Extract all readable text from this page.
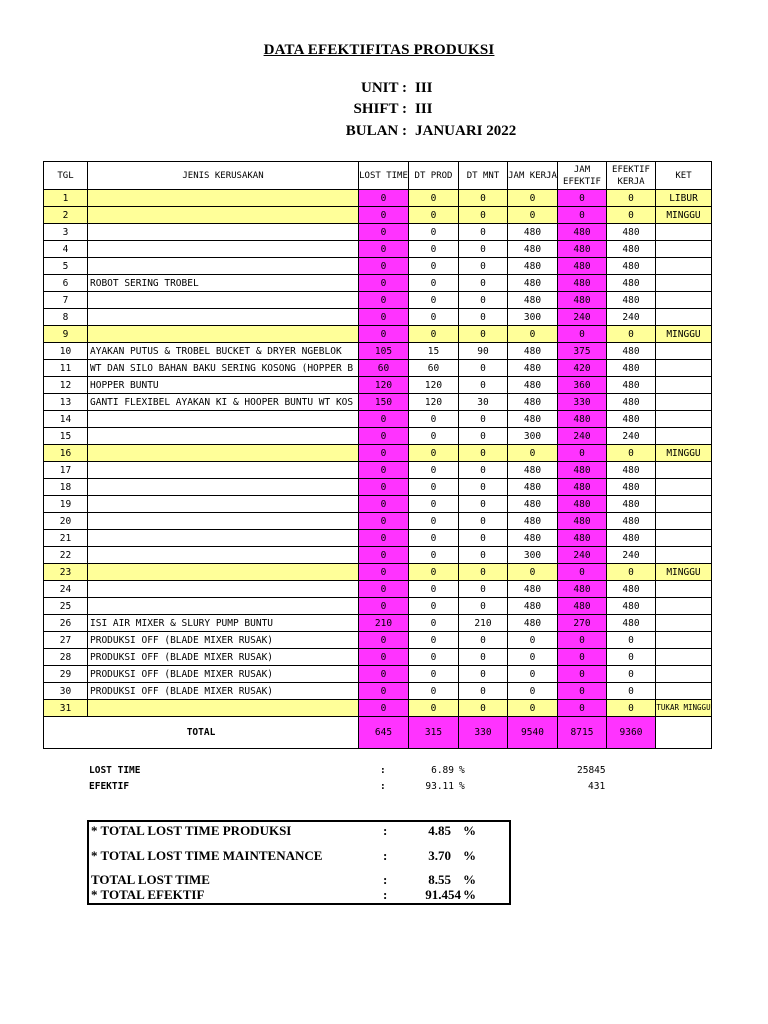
DATA EFEKTIFITAS PRODUKSI
UNIT : III
SHIFT : III
BULAN : JANUARI 2022
TGL	JENIS KERUSAKAN	LOST TIME	DT PROD	DT MNT	JAM KERJA	JAM EFEKTIF	EFEKTIF KERJA	KET
1		0	0	0	0	0	0	LIBUR
2		0	0	0	0	0	0	MINGGU
3		0	0	0	480	480	480	
4		0	0	0	480	480	480	
5		0	0	0	480	480	480	
6	ROBOT SERING TROBEL	0	0	0	480	480	480	
7		0	0	0	480	480	480	
8		0	0	0	300	240	240	
9		0	0	0	0	0	0	MINGGU
10	AYAKAN PUTUS & TROBEL BUCKET & DRYER NGEBLOK	105	15	90	480	375	480	
11	WT DAN SILO BAHAN BAKU SERING KOSONG (HOPPER B	60	60	0	480	420	480	
12	HOPPER BUNTU	120	120	0	480	360	480	
13	GANTI FLEXIBEL AYAKAN KI & HOOPER BUNTU WT KOS	150	120	30	480	330	480	
14		0	0	0	480	480	480	
15		0	0	0	300	240	240	
16		0	0	0	0	0	0	MINGGU
17		0	0	0	480	480	480	
18		0	0	0	480	480	480	
19		0	0	0	480	480	480	
20		0	0	0	480	480	480	
21		0	0	0	480	480	480	
22		0	0	0	300	240	240	
23		0	0	0	0	0	0	MINGGU
24		0	0	0	480	480	480	
25		0	0	0	480	480	480	
26	ISI AIR MIXER & SLURY PUMP BUNTU	210	0	210	480	270	480	
27	PRODUKSI OFF (BLADE MIXER RUSAK)	0	0	0	0	0	0	
28	PRODUKSI OFF (BLADE MIXER RUSAK)	0	0	0	0	0	0	
29	PRODUKSI OFF (BLADE MIXER RUSAK)	0	0	0	0	0	0	
30	PRODUKSI OFF (BLADE MIXER RUSAK)	0	0	0	0	0	0	
31		0	0	0	0	0	0	TUKAR MINGGU
TOTAL		645	315	330	9540	8715	9360	
LOST TIME	:	6.89 %	25845
EFEKTIF	:	93.11 %	431
* TOTAL LOST TIME PRODUKSI	:	4.85 %
* TOTAL LOST TIME MAINTENANCE	:	3.70 %
TOTAL LOST TIME	:	8.55 %
* TOTAL EFEKTIF	:	91.454 %
